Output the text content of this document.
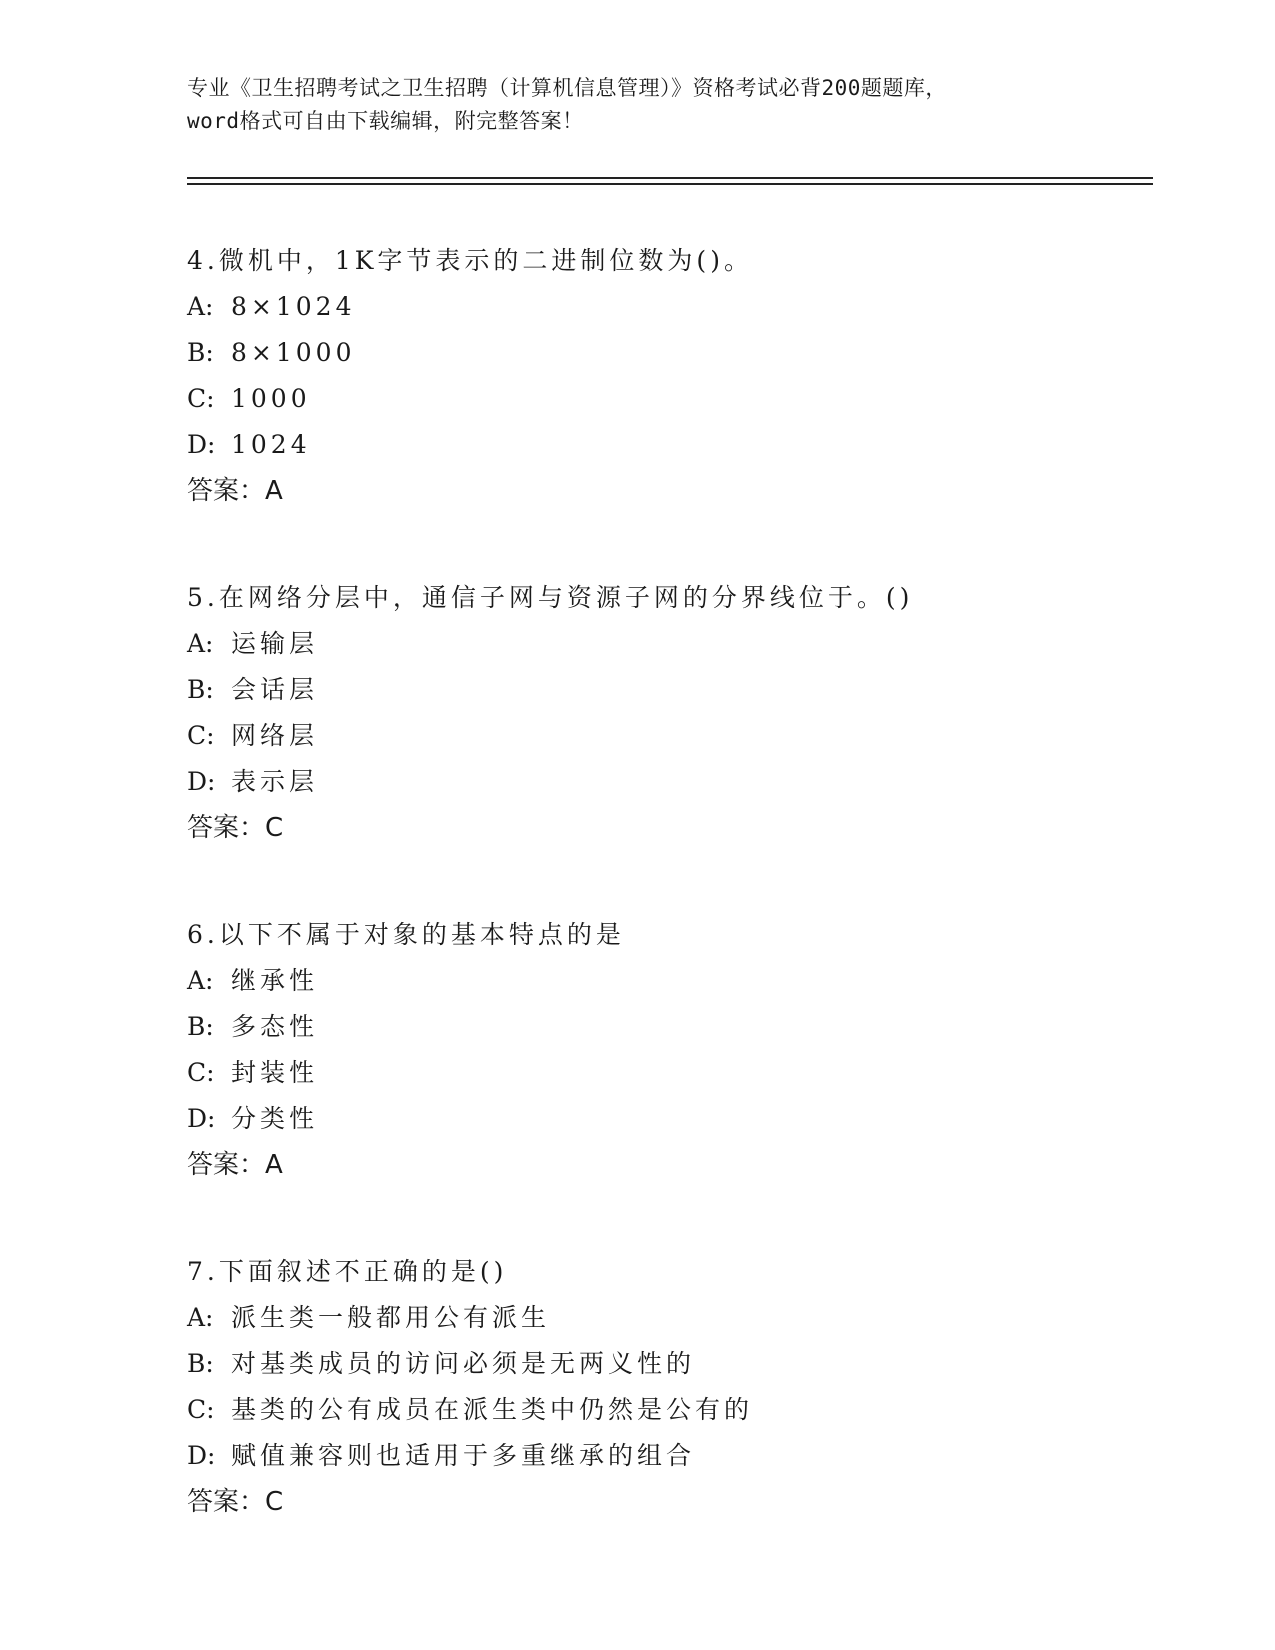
专业《卫生招聘考试之卫生招聘（计算机信息管理）》资格考试必背200题题库，
word格式可自由下载编辑，附完整答案！
4.微机中，1K字节表示的二进制位数为()。
A: 8×1024
B: 8×1000
C: 1000
D: 1024
答案：A
5.在网络分层中，通信子网与资源子网的分界线位于。()
A: 运输层
B: 会话层
C: 网络层
D: 表示层
答案：C
6.以下不属于对象的基本特点的是
A: 继承性
B: 多态性
C: 封装性
D: 分类性
答案：A
7.下面叙述不正确的是()
A: 派生类一般都用公有派生
B: 对基类成员的访问必须是无两义性的
C: 基类的公有成员在派生类中仍然是公有的
D: 赋值兼容则也适用于多重继承的组合
答案：C
